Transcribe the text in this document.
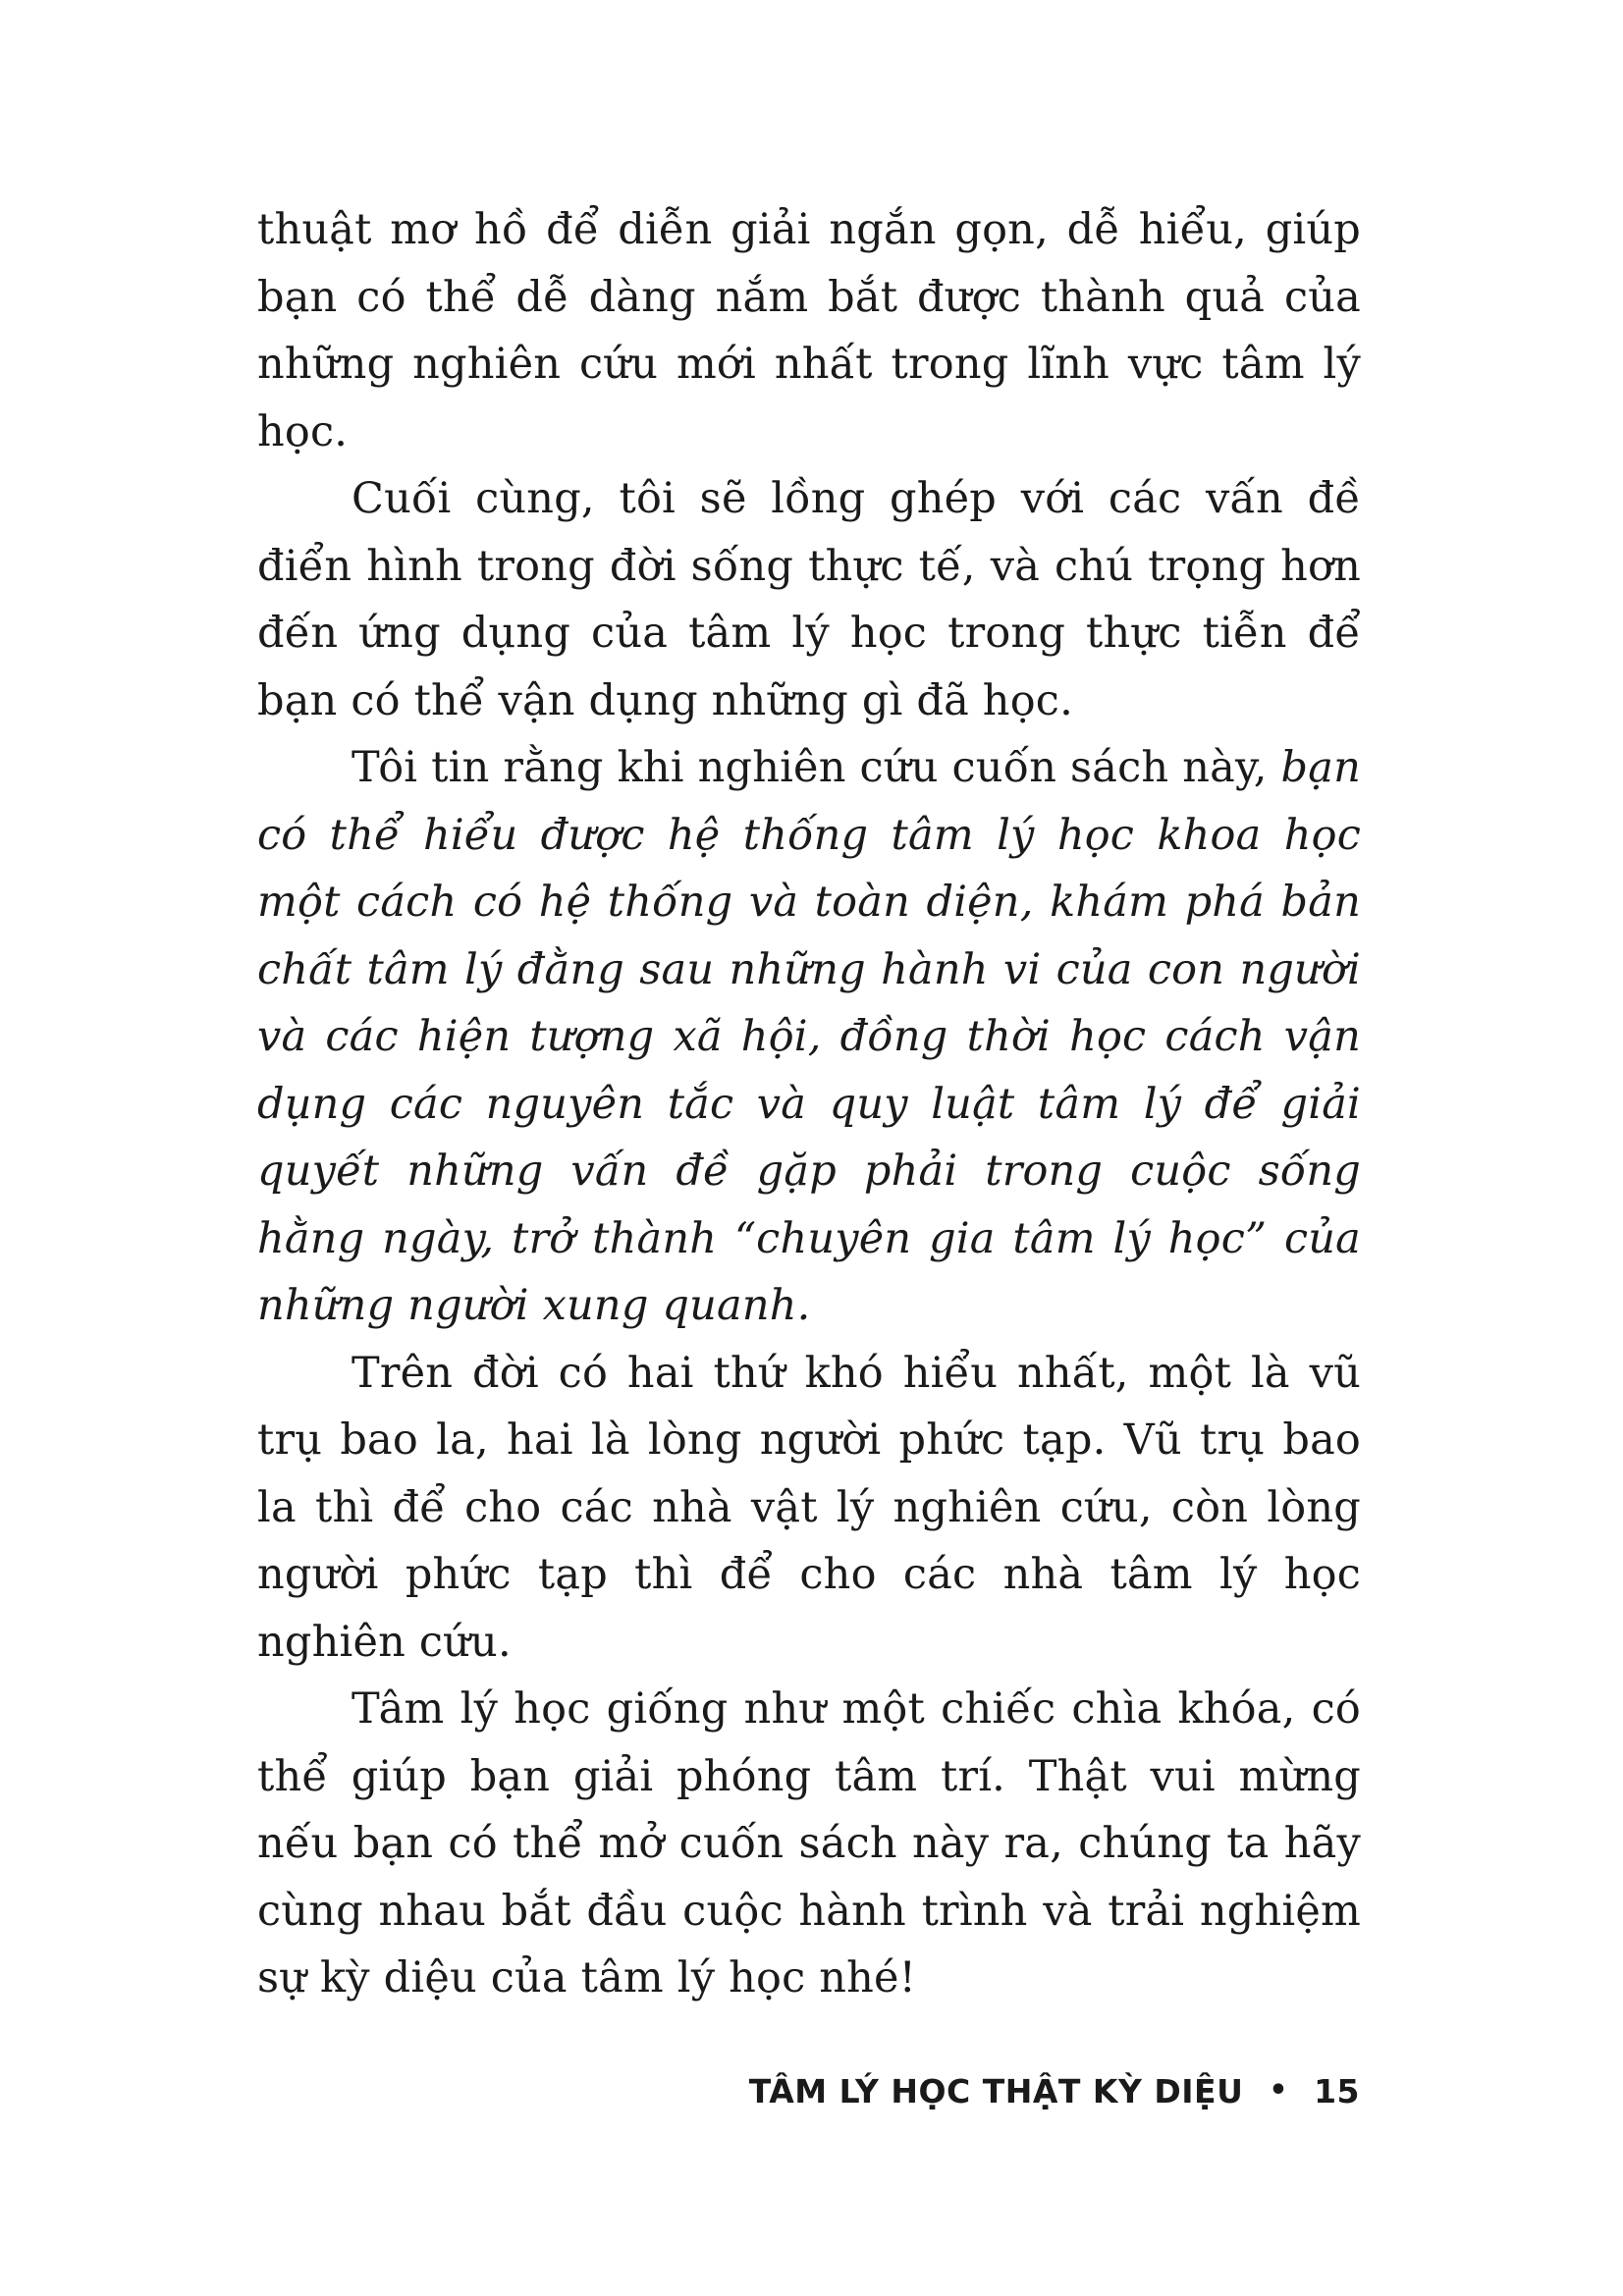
thuật mơ hồ để diễn giải ngắn gọn, dễ hiểu, giúp bạn có thể dễ dàng nắm bắt được thành quả của những nghiên cứu mới nhất trong lĩnh vực tâm lý học.

Cuối cùng, tôi sẽ lồng ghép với các vấn đề điển hình trong đời sống thực tế, và chú trọng hơn đến ứng dụng của tâm lý học trong thực tiễn để bạn có thể vận dụng những gì đã học.

Tôi tin rằng khi nghiên cứu cuốn sách này, bạn có thể hiểu được hệ thống tâm lý học khoa học một cách có hệ thống và toàn diện, khám phá bản chất tâm lý đằng sau những hành vi của con người và các hiện tượng xã hội, đồng thời học cách vận dụng các nguyên tắc và quy luật tâm lý để giải quyết những vấn đề gặp phải trong cuộc sống hằng ngày, trở thành “chuyên gia tâm lý học” của những người xung quanh.

Trên đời có hai thứ khó hiểu nhất, một là vũ trụ bao la, hai là lòng người phức tạp. Vũ trụ bao la thì để cho các nhà vật lý nghiên cứu, còn lòng người phức tạp thì để cho các nhà tâm lý học nghiên cứu.

Tâm lý học giống như một chiếc chìa khóa, có thể giúp bạn giải phóng tâm trí. Thật vui mừng nếu bạn có thể mở cuốn sách này ra, chúng ta hãy cùng nhau bắt đầu cuộc hành trình và trải nghiệm sự kỳ diệu của tâm lý học nhé!

TÂM LÝ HỌC THẬT KỲ DIỆU • 15
